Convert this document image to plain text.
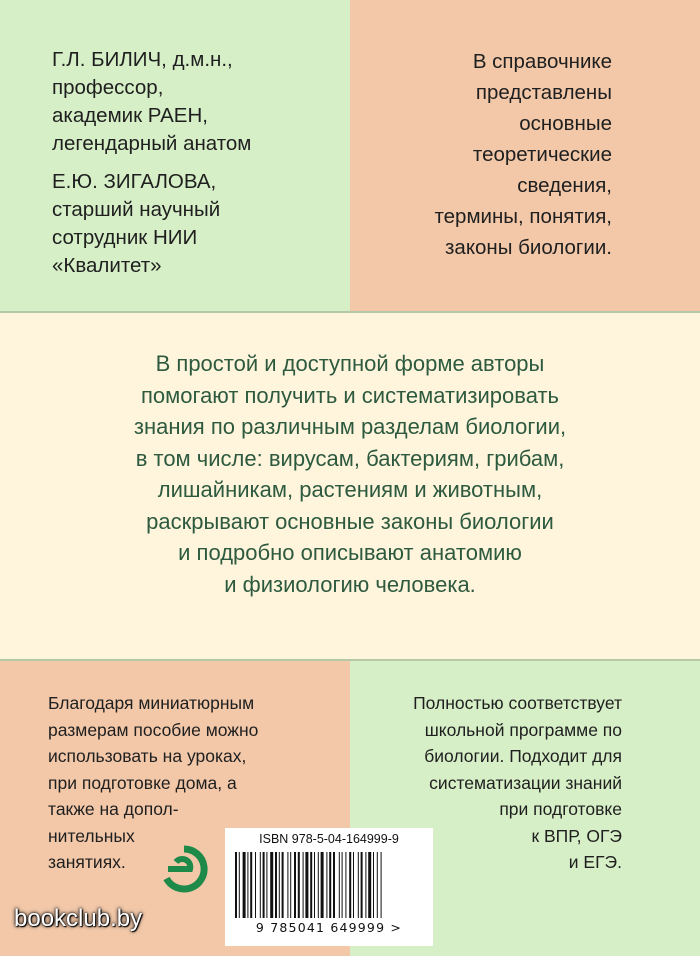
Г.Л. БИЛИЧ, д.м.н.,
профессор,
академик РАЕН,
легендарный анатом
Е.Ю. ЗИГАЛОВА,
старший научный
сотрудник НИИ
«Квалитет»
В справочнике
представлены
основные
теоретические
сведения,
термины, понятия,
законы биологии.
В простой и доступной форме авторы
помогают получить и систематизировать
знания по различным разделам биологии,
в том числе: вирусам, бактериям, грибам,
лишайникам, растениям и животным,
раскрывают основные законы биологии
и подробно описывают анатомию
и физиологию человека.
Благодаря миниатюрным
размерам пособие можно
использовать на уроках,
при подготовке дома, а
также на допол-
нительных
занятиях.
Полностью соответствует
школьной программе по
биологии. Подходит для
систематизации знаний
при подготовке
к ВПР, ОГЭ
и ЕГЭ.
ISBN 978-5-04-164999-9
9 785041 649999 >
bookclub.by
